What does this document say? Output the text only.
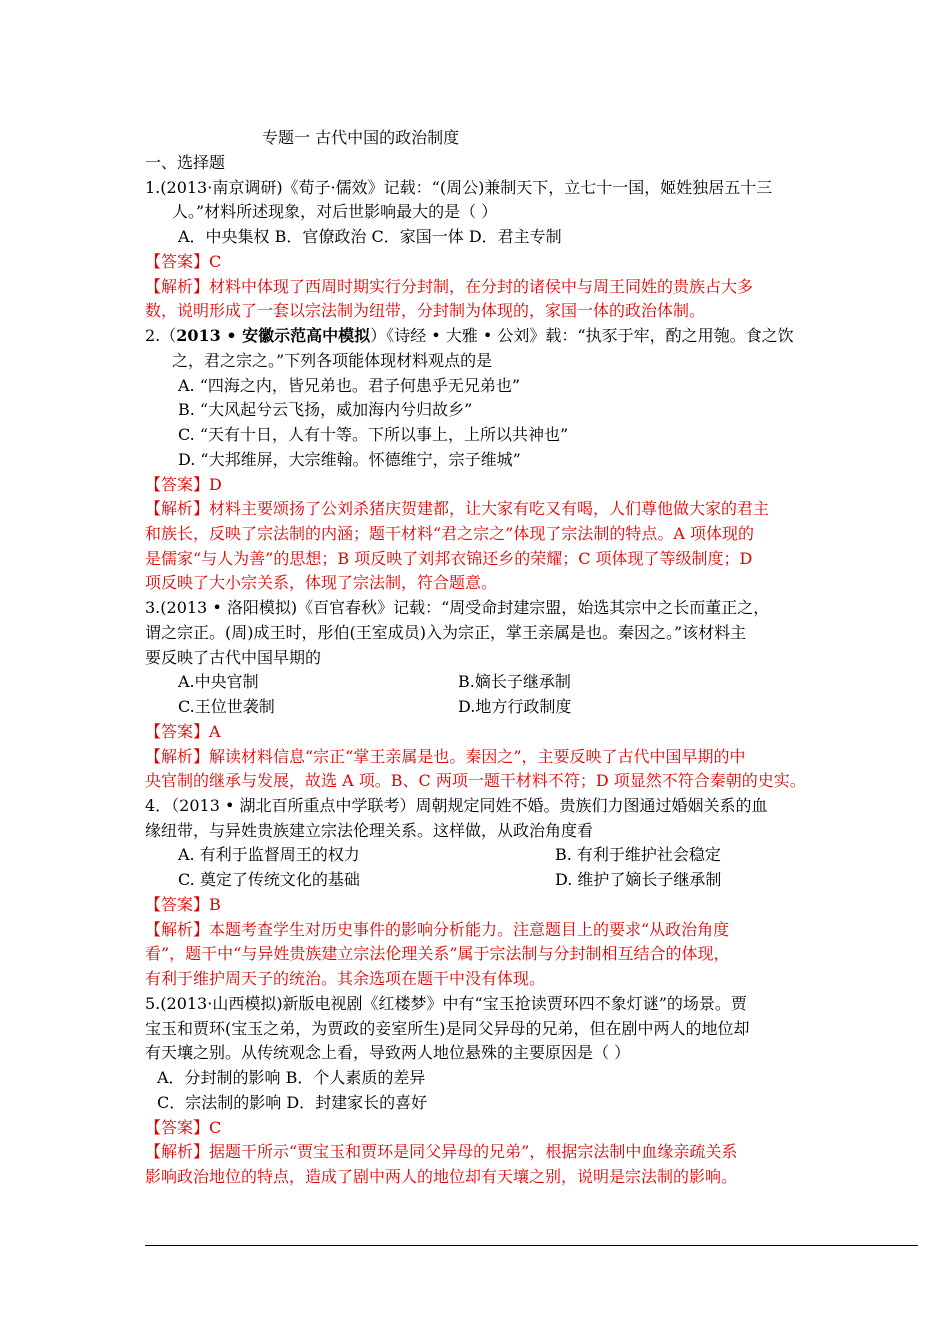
专题一 古代中国的政治制度
一、选择题
1.(2013·南京调研)《荀子·儒效》记载：“(周公)兼制天下，立七十一国，姬姓独居五十三
人。”材料所述现象，对后世影响最大的是（ ）
A．中央集权 B．官僚政治 C．家国一体 D．君主专制
【答案】C
【解析】材料中体现了西周时期实行分封制，在分封的诸侯中与周王同姓的贵族占大多
数，说明形成了一套以宗法制为纽带，分封制为体现的，家国一体的政治体制。
2.（2013 • 安徽示范高中模拟）《诗经 • 大雅 • 公刘》载：“执豕于牢，酌之用匏。食之饮
之，君之宗之。”下列各项能体现材料观点的是
A. “四海之内，皆兄弟也。君子何患乎无兄弟也”
B. “大风起兮云飞扬，威加海内兮归故乡”
C. “天有十日，人有十等。下所以事上，上所以共神也”
D. “大邦维屏，大宗维翰。怀德维宁，宗子维城”
【答案】D
【解析】材料主要颂扬了公刘杀猪庆贺建都，让大家有吃又有喝，人们尊他做大家的君主
和族长，反映了宗法制的内涵；题干材料“君之宗之”体现了宗法制的特点。A 项体现的
是儒家“与人为善”的思想；B 项反映了刘邦衣锦还乡的荣耀；C 项体现了等级制度；D
项反映了大小宗关系，体现了宗法制，符合题意。
3.(2013 • 洛阳模拟)《百官春秋》记载：“周受命封建宗盟，始选其宗中之长而董正之，
谓之宗正。(周)成王时，彤伯(王室成员)入为宗正，掌王亲属是也。秦因之。”该材料主
要反映了古代中国早期的
A.中央官制	B.嫡长子继承制
C.王位世袭制	D.地方行政制度
【答案】A
【解析】解读材料信息“宗正“掌王亲属是也。秦因之”，主要反映了古代中国早期的中
央官制的继承与发展，故选 A 项。B、C 两项一题干材料不符；D 项显然不符合秦朝的史实。
4．（2013 • 湖北百所重点中学联考）周朝规定同姓不婚。贵族们力图通过婚姻关系的血
缘纽带，与异姓贵族建立宗法伦理关系。这样做，从政治角度看
A. 有利于监督周王的权力	B. 有利于维护社会稳定
C. 奠定了传统文化的基础	D. 维护了嫡长子继承制
【答案】B
【解析】本题考查学生对历史事件的影响分析能力。注意题目上的要求“从政治角度
看”，题干中“与异姓贵族建立宗法伦理关系”属于宗法制与分封制相互结合的体现，
有利于维护周天子的统治。其余选项在题干中没有体现。
5.(2013·山西模拟)新版电视剧《红楼梦》中有“宝玉抢读贾环四不象灯谜”的场景。贾
宝玉和贾环(宝玉之弟，为贾政的妾室所生)是同父异母的兄弟，但在剧中两人的地位却
有天壤之别。从传统观念上看，导致两人地位悬殊的主要原因是（ ）
A．分封制的影响 B．个人素质的差异
C．宗法制的影响 D．封建家长的喜好
【答案】C
【解析】据题干所示“贾宝玉和贾环是同父异母的兄弟”，根据宗法制中血缘亲疏关系
影响政治地位的特点，造成了剧中两人的地位却有天壤之别，说明是宗法制的影响。
